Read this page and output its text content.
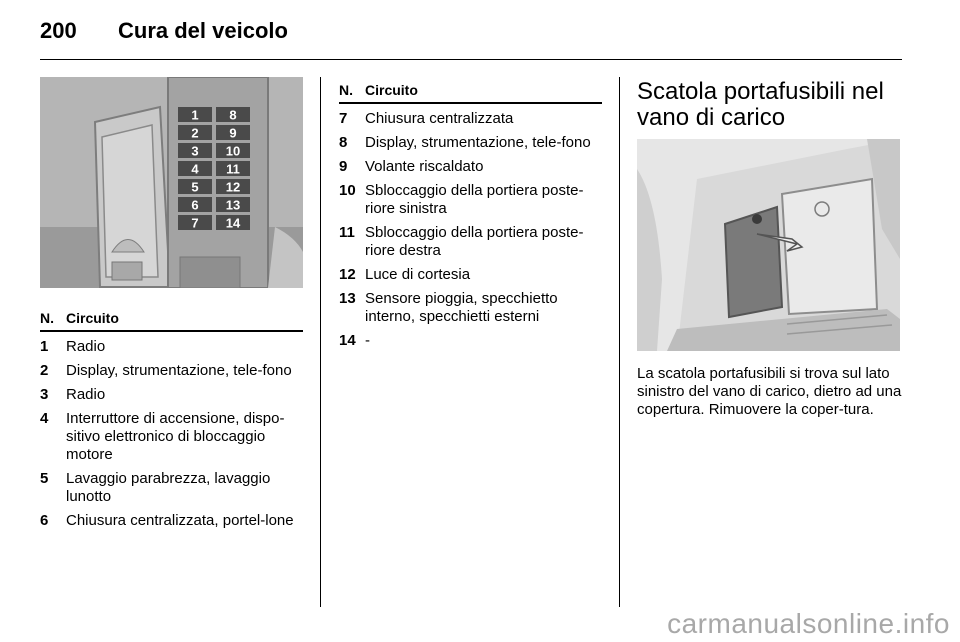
200	Cura del veicolo
1 8
2 9
3 10
4 11
5 12
6 13
7 14
N. Circuito
1	Radio
2	Display, strumentazione, tele-fono
3	Radio
4	Interruttore di accensione, dispo-sitivo elettronico di bloccaggio motore
5	Lavaggio parabrezza, lavaggio lunotto
6	Chiusura centralizzata, portel-lone
N. Circuito
7	Chiusura centralizzata
8	Display, strumentazione, tele-fono
9	Volante riscaldato
10 Sbloccaggio della portiera poste-riore sinistra
11 Sbloccaggio della portiera poste-riore destra
12 Luce di cortesia
13 Sensore pioggia, specchietto interno, specchietti esterni
14 -
Scatola portafusibili nel vano di carico
La scatola portafusibili si trova sul lato sinistro del vano di carico, dietro ad una copertura. Rimuovere la coper-tura.
carmanualsonline.info
